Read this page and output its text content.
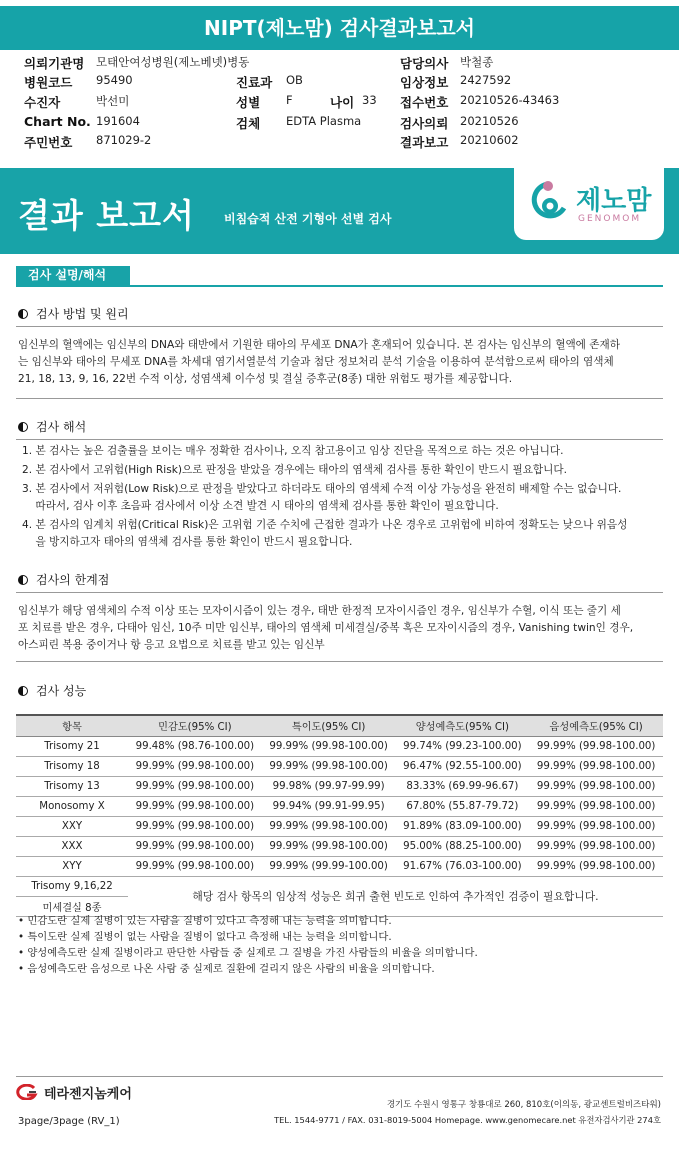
NIPT(제노맘) 검사결과보고서
의뢰기관명 모태안여성병원(제노베넷)병동	담당의사 박철종
병원코드 95490	진료과 OB	임상정보 2427592
수진자	박선미	성별 F	나이 33 접수번호 20210526-43463
Chart No. 191604	검체 EDTA Plasma	검사의뢰 20210526
주민번호 871029-2	결과보고 20210602
결과 보고서 비침습적 산전 기형아 선별 검사
제노맘
GENOMOM
검사 설명/해석
검사 방법 및 원리
임신부의 혈액에는 임신부의 DNA와 태반에서 기원한 태아의 무세포 DNA가 혼재되어 있습니다. 본 검사는 임신부의 혈액에 존재하
는 임신부와 태아의 무세포 DNA를 차세대 염기서열분석 기술과 첨단 정보처리 분석 기술을 이용하여 분석함으로써 태아의 염색체
21, 18, 13, 9, 16, 22번 수적 이상, 성염색체 이수성 및 결실 증후군(8종) 대한 위험도 평가를 제공합니다.
검사 해석
1. 본 검사는 높은 검출률을 보이는 매우 정확한 검사이나, 오직 참고용이고 임상 진단을 목적으로 하는 것은 아닙니다.
2. 본 검사에서 고위험(High Risk)으로 판정을 받았을 경우에는 태아의 염색체 검사를 통한 확인이 반드시 필요합니다.
3. 본 검사에서 저위험(Low Risk)으로 판정을 받았다고 하더라도 태아의 염색체 수적 이상 가능성을 완전히 배제할 수는 없습니다.
따라서, 검사 이후 초음파 검사에서 이상 소견 발견 시 태아의 염색체 검사를 통한 확인이 필요합니다.
4. 본 검사의 임계치 위험(Critical Risk)은 고위험 기준 수치에 근접한 결과가 나온 경우로 고위험에 비하여 정확도는 낮으나 위음성
을 방지하고자 태아의 염색체 검사를 통한 확인이 반드시 필요합니다.
검사의 한계점
임신부가 해당 염색체의 수적 이상 또는 모자이시즘이 있는 경우, 태반 한정적 모자이시즘인 경우, 임신부가 수혈, 이식 또는 줄기 세
포 치료를 받은 경우, 다태아 임신, 10주 미만 임신부, 태아의 염색체 미세결실/중복 혹은 모자이시즘의 경우, Vanishing twin인 경우,
아스피린 복용 중이거나 항 응고 요법으로 치료를 받고 있는 임신부
검사 성능
항목	민감도(95% CI)	특이도(95% CI)	양성예측도(95% CI)	음성예측도(95% CI)
Trisomy 21	99.48% (98.76-100.00)	99.99% (99.98-100.00)	99.74% (99.23-100.00)	99.99% (99.98-100.00)
Trisomy 18	99.99% (99.98-100.00)	99.99% (99.98-100.00)	96.47% (92.55-100.00)	99.99% (99.98-100.00)
Trisomy 13	99.99% (99.98-100.00)	99.98% (99.97-99.99)	83.33% (69.99-96.67)	99.99% (99.98-100.00)
Monosomy X	99.99% (99.98-100.00)	99.94% (99.91-99.95)	67.80% (55.87-79.72)	99.99% (99.98-100.00)
XXY	99.99% (99.98-100.00)	99.99% (99.98-100.00)	91.89% (83.09-100.00)	99.99% (99.98-100.00)
XXX	99.99% (99.98-100.00)	99.99% (99.98-100.00)	95.00% (88.25-100.00)	99.99% (99.98-100.00)
XYY	99.99% (99.98-100.00)	99.99% (99.99-100.00)	91.67% (76.03-100.00)	99.99% (99.98-100.00)
Trisomy 9,16,22	해당 검사 항목의 임상적 성능은 희귀 출현 빈도로 인하여 추가적인 검증이 필요합니다.			
미세결실 8종				
• 민감도란 실제 질병이 있는 사람을 질병이 있다고 측정해 내는 능력을 의미합니다.
• 특이도란 실제 질병이 없는 사람을 질병이 없다고 측정해 내는 능력을 의미합니다.
• 양성예측도란 실제 질병이라고 판단한 사람들 중 실제로 그 질병을 가진 사람들의 비율을 의미합니다.
• 음성예측도란 음성으로 나온 사람 중 실제로 질환에 걸리지 않은 사람의 비율을 의미합니다.
테라젠지놈케어
경기도 수원시 영통구 창룡대로 260, 810호(이의동, 광교센트럴비즈타워)
TEL. 1544-9771 / FAX. 031-8019-5004 Homepage. www.genomecare.net 유전자검사기관 274호
3page/3page (RV_1)
